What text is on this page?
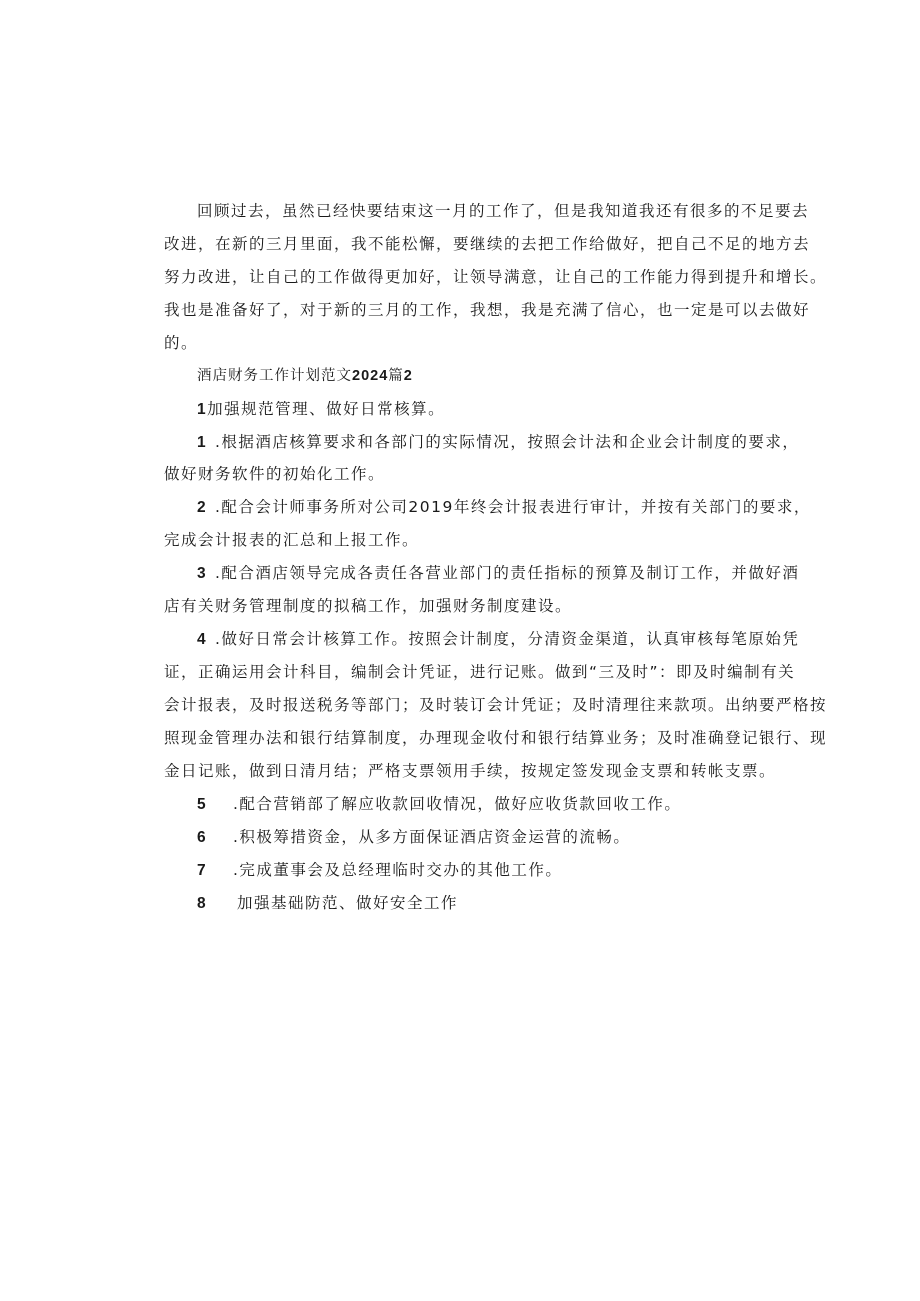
回顾过去，虽然已经快要结束这一月的工作了，但是我知道我还有很多的不足要去
改进，在新的三月里面，我不能松懈，要继续的去把工作给做好，把自己不足的地方去
努力改进，让自己的工作做得更加好，让领导满意，让自己的工作能力得到提升和增长。
我也是准备好了，对于新的三月的工作，我想，我是充满了信心，也一定是可以去做好
的。
酒店财务工作计划范文2024篇2
1加强规范管理、做好日常核算。
1 .根据酒店核算要求和各部门的实际情况，按照会计法和企业会计制度的要求，
做好财务软件的初始化工作。
2 .配合会计师事务所对公司2019年终会计报表进行审计，并按有关部门的要求，
完成会计报表的汇总和上报工作。
3 .配合酒店领导完成各责任各营业部门的责任指标的预算及制订工作，并做好酒
店有关财务管理制度的拟稿工作，加强财务制度建设。
4 .做好日常会计核算工作。按照会计制度，分清资金渠道，认真审核每笔原始凭
证，正确运用会计科目，编制会计凭证，进行记账。做到“三及时”：即及时编制有关
会计报表，及时报送税务等部门；及时装订会计凭证；及时清理往来款项。出纳要严格按
照现金管理办法和银行结算制度，办理现金收付和银行结算业务；及时准确登记银行、现
金日记账，做到日清月结；严格支票领用手续，按规定签发现金支票和转帐支票。
5 .配合营销部了解应收款回收情况，做好应收货款回收工作。
6 .积极筹措资金，从多方面保证酒店资金运营的流畅。
7 .完成董事会及总经理临时交办的其他工作。
8 加强基础防范、做好安全工作
